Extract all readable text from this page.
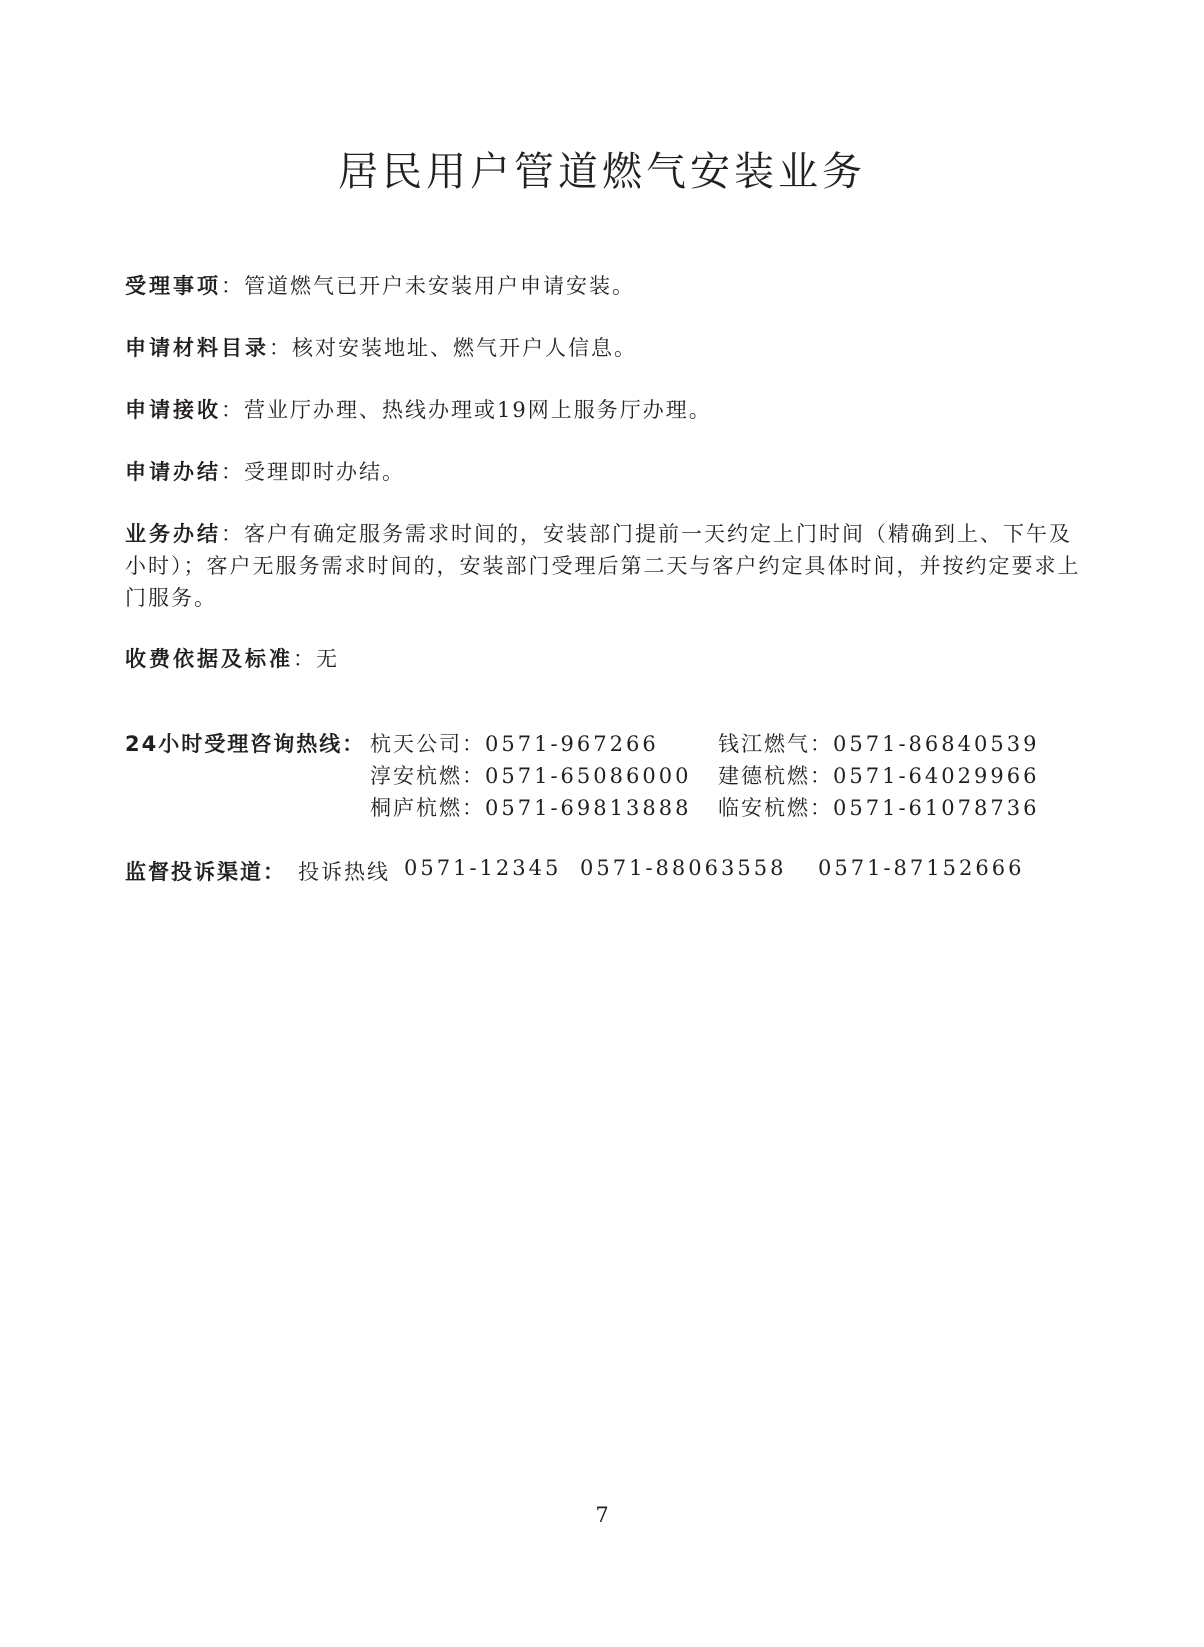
居民用户管道燃气安装业务
受理事项：管道燃气已开户未安装用户申请安装。
申请材料目录：核对安装地址、燃气开户人信息。
申请接收：营业厅办理、热线办理或19网上服务厅办理。
申请办结：受理即时办结。
业务办结：客户有确定服务需求时间的，安装部门提前一天约定上门时间（精确到上、下午及小时）；客户无服务需求时间的，安装部门受理后第二天与客户约定具体时间，并按约定要求上门服务。
收费依据及标准：无
24小时受理咨询热线： 杭天公司：0571-967266	钱江燃气：0571-86840539
淳安杭燃：0571-65086000 建德杭燃：0571-64029966
桐庐杭燃：0571-69813888 临安杭燃：0571-61078736
监督投诉渠道： 投诉热线 0571-12345 0571-88063558 0571-87152666
7
